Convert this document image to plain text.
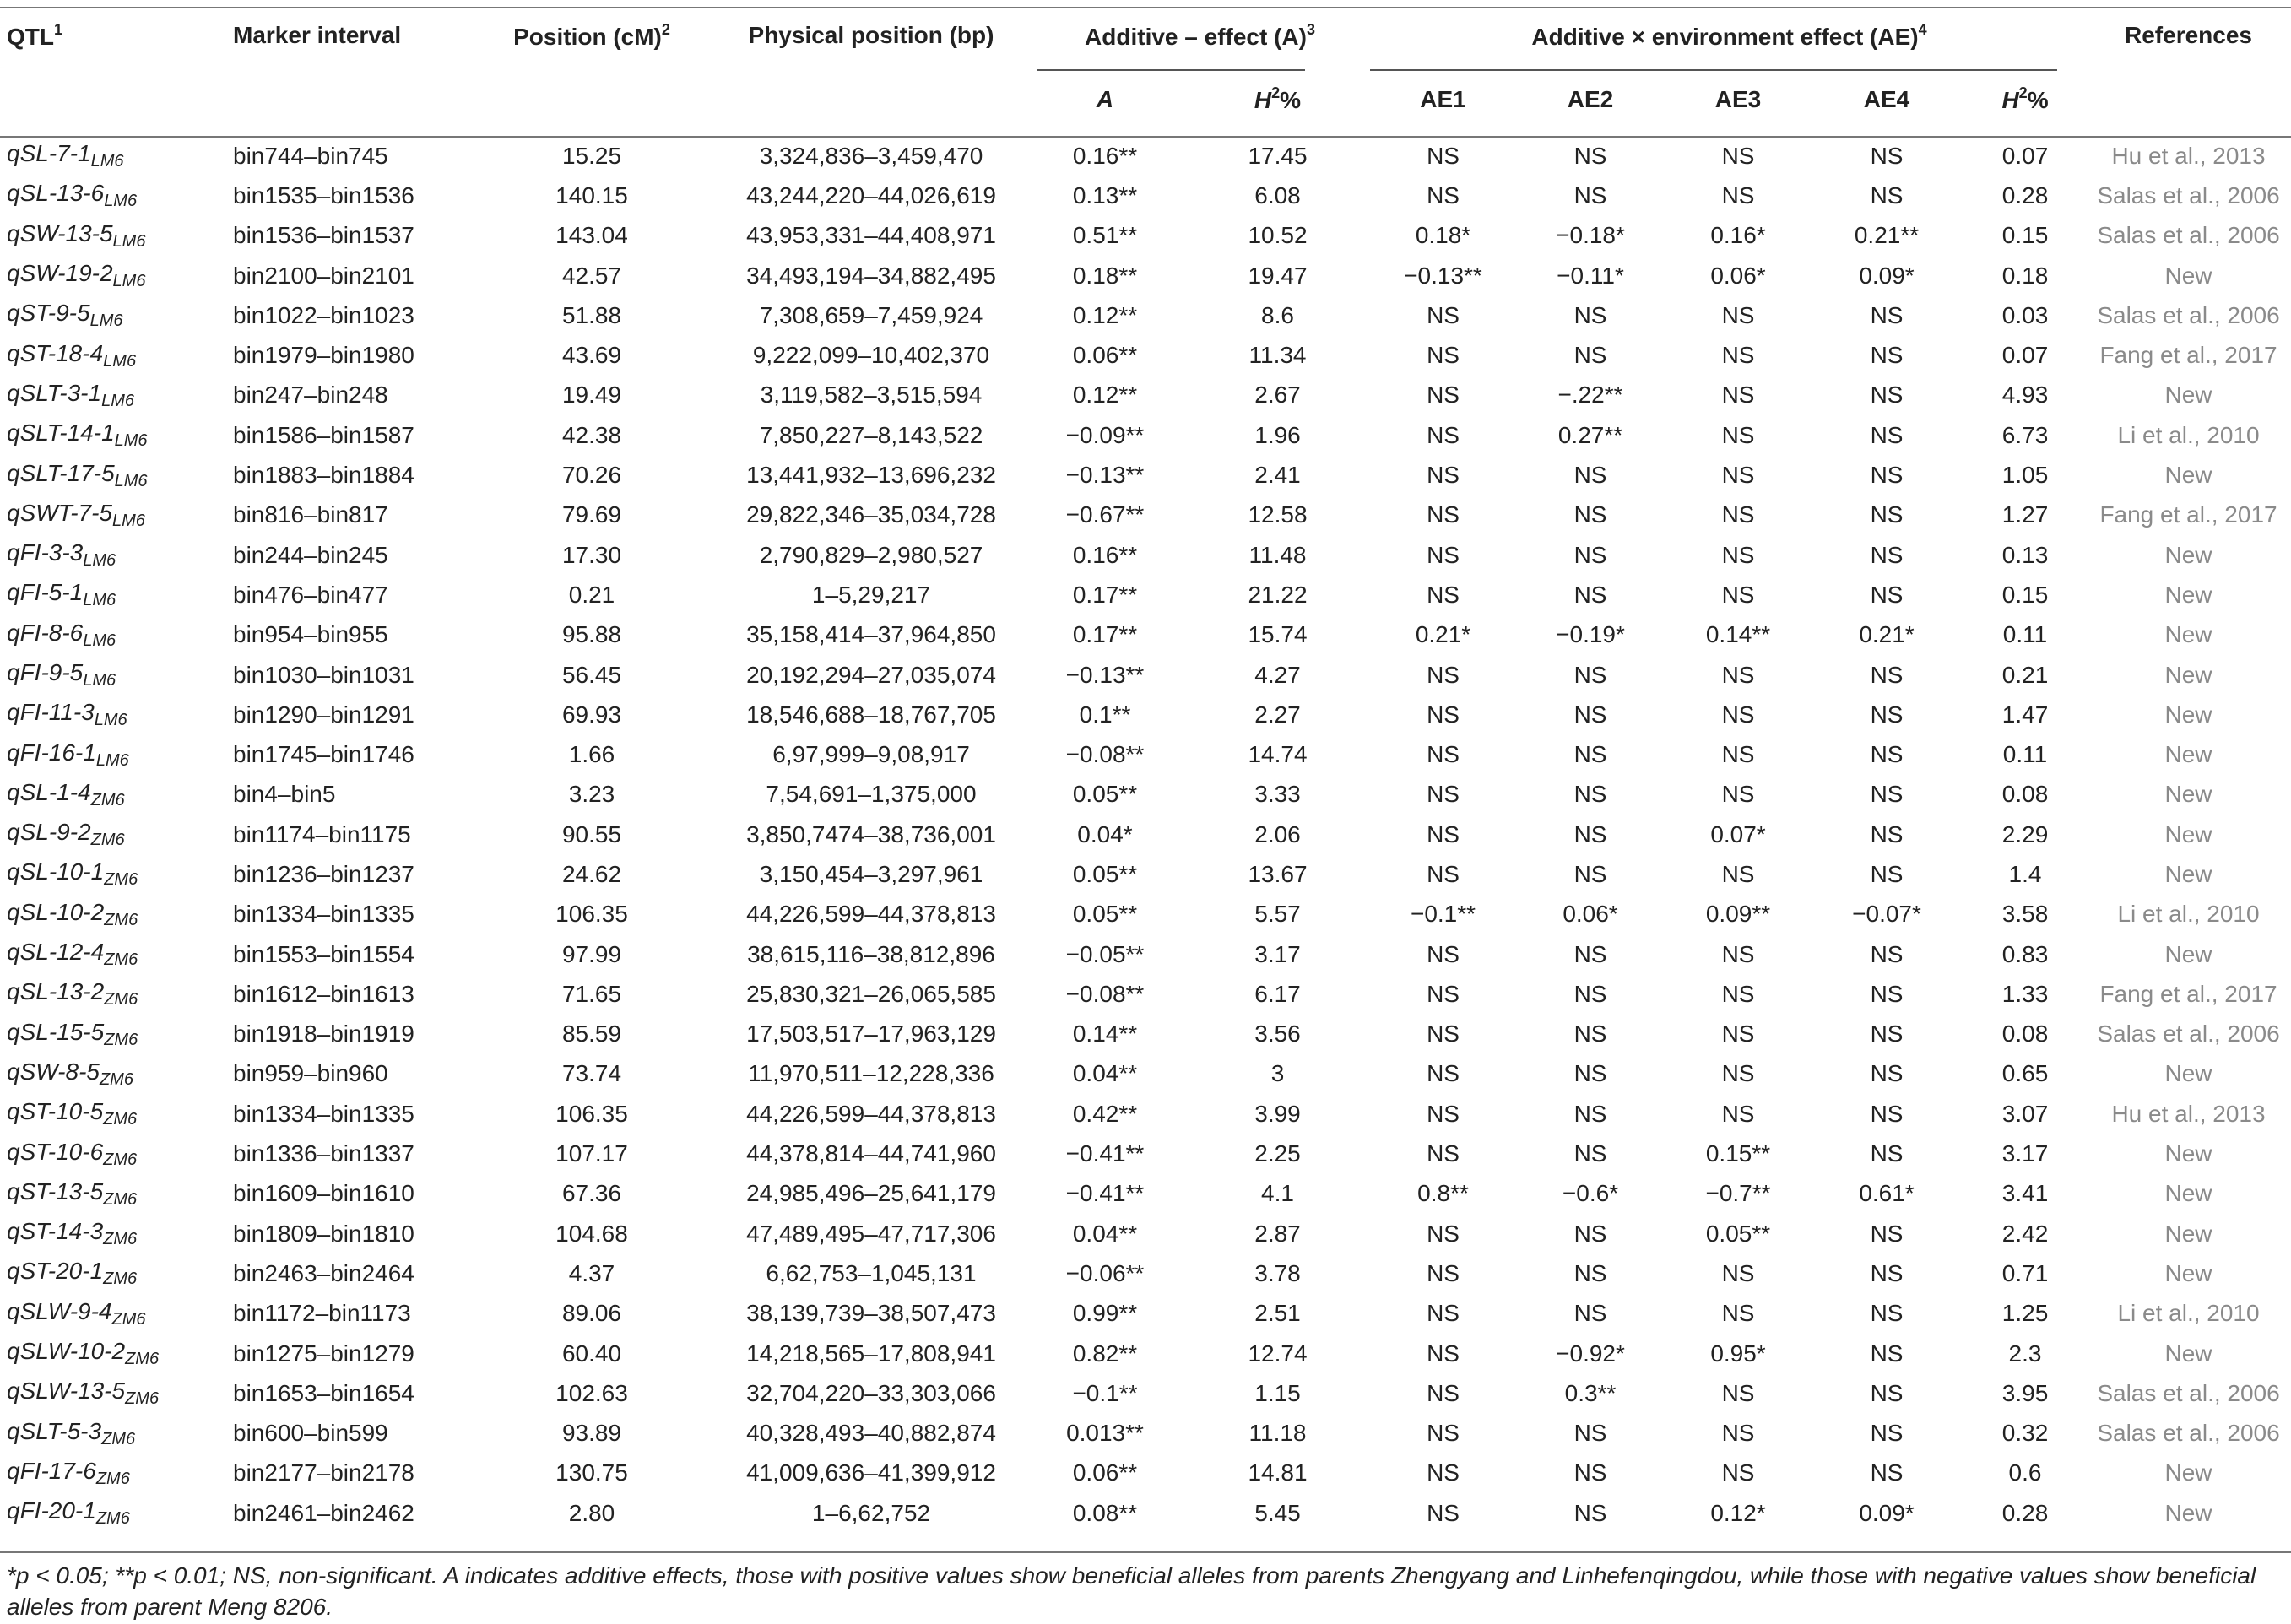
QTL$^1$	Marker interval	Position (cM)$^2$	Physical position (bp)	Additive – effect $(A)^3$		Additive × environment effect (AE)$^4$					References
				A	$H^2\%$	AE1	AE2	AE3	AE4	$H^2\%$	
qSL-$7-1_{LM6}$	bin744–bin745	15.25	3,324,836–3,459,470	0.16**	17.45	NS	NS	NS	NS	0.07	Hu et al., 2013
qSL-$13-6_{LM6}$	bin1535–bin1536	140.15	43,244,220–44,026,619	0.13**	6.08	NS	NS	NS	NS	0.28	Salas et al., 2006
qSW-$13-5_{LM6}$	bin1536–bin1537	143.04	43,953,331–44,408,971	0.51**	10.52	0.18*	−0.18*	0.16*	0.21**	0.15	Salas et al., 2006
qSW-$19-2_{LM6}$	bin2100–bin2101	42.57	34,493,194–34,882,495	0.18**	19.47	−0.13**	−0.11*	0.06*	0.09*	0.18	New
qST-$9-5_{LM6}$	bin1022–bin1023	51.88	7,308,659–7,459,924	0.12**	8.6	NS	NS	NS	NS	0.03	Salas et al., 2006
qST-$18-4_{LM6}$	bin1979–bin1980	43.69	9,222,099–10,402,370	0.06**	11.34	NS	NS	NS	NS	0.07	Fang et al., 2017
qSLT-$3-1_{LM6}$	bin247–bin248	19.49	3,119,582–3,515,594	0.12**	2.67	NS	−.22**	NS	NS	4.93	New
qSLT-$14-1_{LM6}$	bin1586–bin1587	42.38	7,850,227–8,143,522	−0.09**	1.96	NS	0.27**	NS	NS	6.73	Li et al., 2010
qSLT-$17-5_{LM6}$	bin1883–bin1884	70.26	13,441,932–13,696,232	−0.13**	2.41	NS	NS	NS	NS	1.05	New
qSWT-$7-5_{LM6}$	bin816–bin817	79.69	29,822,346–35,034,728	−0.67**	12.58	NS	NS	NS	NS	1.27	Fang et al., 2017
qFI-$3-3_{LM6}$	bin244–bin245	17.30	2,790,829–2,980,527	0.16**	11.48	NS	NS	NS	NS	0.13	New
qFI-$5-1_{LM6}$	bin476–bin477	0.21	1–5,29,217	0.17**	21.22	NS	NS	NS	NS	0.15	New
qFI-$8-6_{LM6}$	bin954–bin955	95.88	35,158,414–37,964,850	0.17**	15.74	0.21*	−0.19*	0.14**	0.21*	0.11	New
qFI-$9-5_{LM6}$	bin1030–bin1031	56.45	20,192,294–27,035,074	−0.13**	4.27	NS	NS	NS	NS	0.21	New
qFI-$11-3_{LM6}$	bin1290–bin1291	69.93	18,546,688–18,767,705	0.1**	2.27	NS	NS	NS	NS	1.47	New
qFI-$16-1_{LM6}$	bin1745–bin1746	1.66	6,97,999–9,08,917	−0.08**	14.74	NS	NS	NS	NS	0.11	New
qSL-$1-4_{ZM6}$	bin4–bin5	3.23	7,54,691–1,375,000	0.05**	3.33	NS	NS	NS	NS	0.08	New
qSL-$9-2_{ZM6}$	bin1174–bin1175	90.55	3,850,7474–38,736,001	0.04*	2.06	NS	NS	0.07*	NS	2.29	New
qSL-$10-1_{ZM6}$	bin1236–bin1237	24.62	3,150,454–3,297,961	0.05**	13.67	NS	NS	NS	NS	1.4	New
qSL-$10-2_{ZM6}$	bin1334–bin1335	106.35	44,226,599–44,378,813	0.05**	5.57	−0.1**	0.06*	0.09**	−0.07*	3.58	Li et al., 2010
qSL-$12-4_{ZM6}$	bin1553–bin1554	97.99	38,615,116–38,812,896	−0.05**	3.17	NS	NS	NS	NS	0.83	New
qSL-$13-2_{ZM6}$	bin1612–bin1613	71.65	25,830,321–26,065,585	−0.08**	6.17	NS	NS	NS	NS	1.33	Fang et al., 2017
qSL-$15-5_{ZM6}$	bin1918–bin1919	85.59	17,503,517–17,963,129	0.14**	3.56	NS	NS	NS	NS	0.08	Salas et al., 2006
qSW-$8-5_{ZM6}$	bin959–bin960	73.74	11,970,511–12,228,336	0.04**	3	NS	NS	NS	NS	0.65	New
qST-$10-5_{ZM6}$	bin1334–bin1335	106.35	44,226,599–44,378,813	0.42**	3.99	NS	NS	NS	NS	3.07	Hu et al., 2013
qST-$10-6_{ZM6}$	bin1336–bin1337	107.17	44,378,814–44,741,960	−0.41**	2.25	NS	NS	0.15**	NS	3.17	New
qST-$13-5_{ZM6}$	bin1609–bin1610	67.36	24,985,496–25,641,179	−0.41**	4.1	0.8**	−0.6*	−0.7**	0.61*	3.41	New
qST-$14-3_{ZM6}$	bin1809–bin1810	104.68	47,489,495–47,717,306	0.04**	2.87	NS	NS	0.05**	NS	2.42	New
qST-$20-1_{ZM6}$	bin2463–bin2464	4.37	6,62,753–1,045,131	−0.06**	3.78	NS	NS	NS	NS	0.71	New
qSLW-$9-4_{ZM6}$	bin1172–bin1173	89.06	38,139,739–38,507,473	0.99**	2.51	NS	NS	NS	NS	1.25	Li et al., 2010
qSLW-$10-2_{ZM6}$	bin1275–bin1279	60.40	14,218,565–17,808,941	0.82**	12.74	NS	−0.92*	0.95*	NS	2.3	New
qSLW-$13-5_{ZM6}$	bin1653–bin1654	102.63	32,704,220–33,303,066	−0.1**	1.15	NS	0.3**	NS	NS	3.95	Salas et al., 2006
qSLT-$5-3_{ZM6}$	bin600–bin599	93.89	40,328,493–40,882,874	0.013**	11.18	NS	NS	NS	NS	0.32	Salas et al., 2006
qFI-$17-6_{ZM6}$	bin2177–bin2178	130.75	41,009,636–41,399,912	0.06**	14.81	NS	NS	NS	NS	0.6	New
qFI-$20-1_{ZM6}$	bin2461–bin2462	2.80	1–6,62,752	0.08**	5.45	NS	NS	0.12*	0.09*	0.28	New
*p < 0.05; **p < 0.01; NS, non-significant. A indicates additive effects, those with positive values show beneficial alleles from parents Zhengyang and Linhefenqingdou, while those with negative values show beneficial alleles from parent Meng 8206.
